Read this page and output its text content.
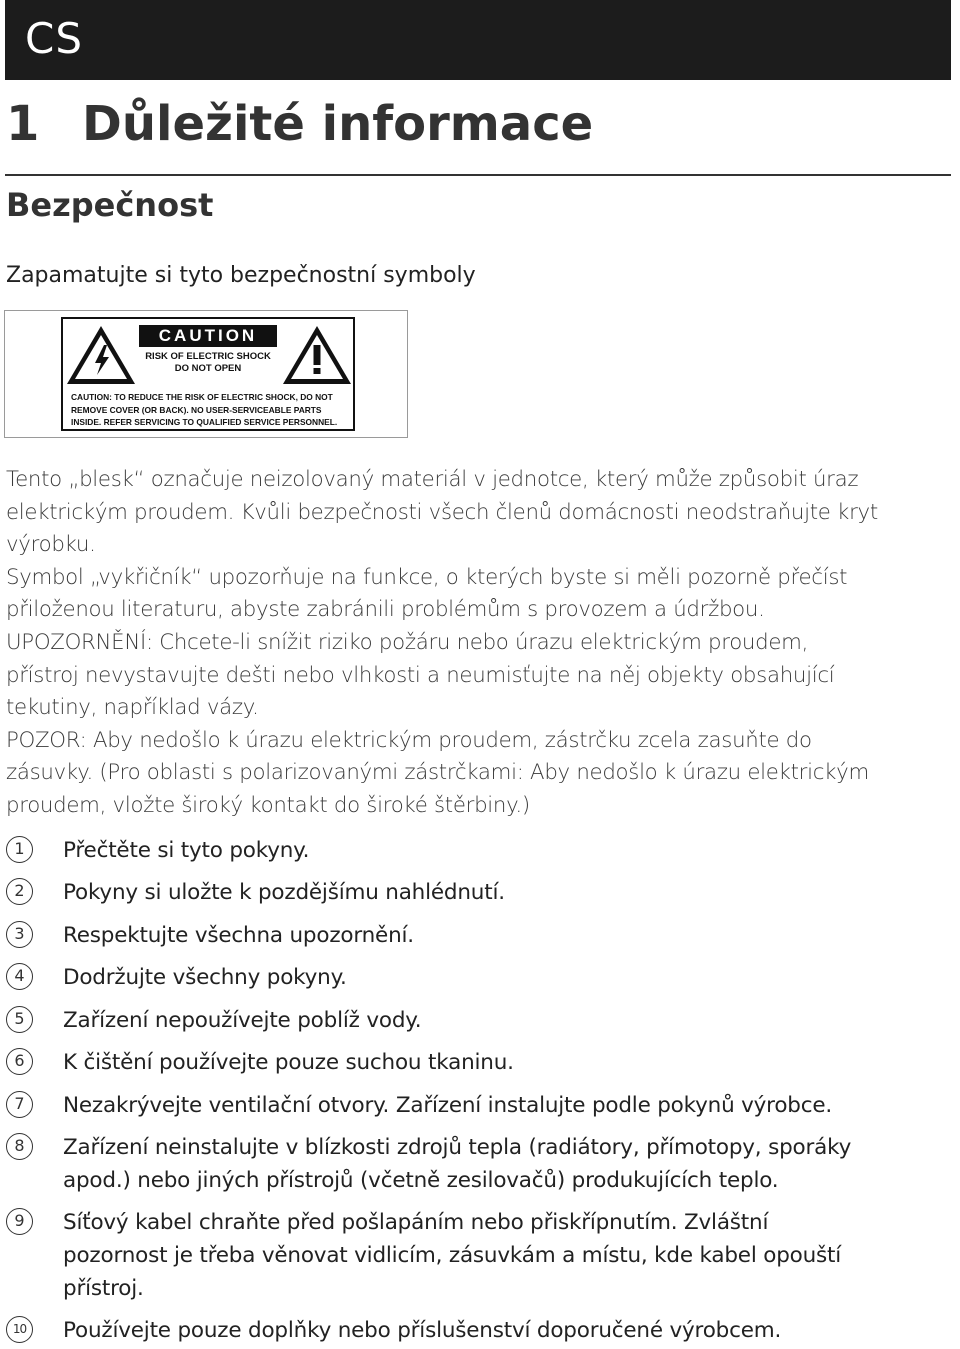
CS
1 Důležité informace
Bezpečnost
Zapamatujte si tyto bezpečnostní symboly
CAUTION
RISK OF ELECTRIC SHOCK
DO NOT OPEN
CAUTION: TO REDUCE THE RISK OF ELECTRIC SHOCK, DO NOT
REMOVE COVER (OR BACK). NO USER-SERVICEABLE PARTS
INSIDE. REFER SERVICING TO QUALIFIED SERVICE PERSONNEL.

Tento „blesk“ označuje neizolovaný materiál v jednotce, který může způsobit úraz

elektrickým proudem. Kvůli bezpečnosti všech členů domácnosti neodstraňujte kryt

výrobku.

Symbol „vykřičník“ upozorňuje na funkce, o kterých byste si měli pozorně přečíst

přiloženou literaturu, abyste zabránili problémům s provozem a údržbou.

UPOZORNĚNÍ: Chcete-li snížit riziko požáru nebo úrazu elektrickým proudem,

přístroj nevystavujte dešti nebo vlhkosti a neumisťujte na něj objekty obsahující

tekutiny, například vázy.

POZOR: Aby nedošlo k úrazu elektrickým proudem, zástrčku zcela zasuňte do

zásuvky. (Pro oblasti s polarizovanými zástrčkami: Aby nedošlo k úrazu elektrickým

proudem, vložte široký kontakt do široké štěrbiny.)

1	Přečtěte si tyto pokyny.

2	Pokyny si uložte k pozdějšímu nahlédnutí.

3	Respektujte všechna upozornění.

4	Dodržujte všechny pokyny.

5	Zařízení nepoužívejte poblíž vody.

6	K čištění používejte pouze suchou tkaninu.

7	Nezakrývejte ventilační otvory. Zařízení instalujte podle pokynů výrobce.

8	Zařízení neinstalujte v blízkosti zdrojů tepla (radiátory, přímotopy, sporáky

apod.) nebo jiných přístrojů (včetně zesilovačů) produkujících teplo.

9	Síťový kabel chraňte před pošlapáním nebo přiskřípnutím. Zvláštní

pozornost je třeba věnovat vidlicím, zásuvkám a místu, kde kabel opouští

přístroj.

10	Používejte pouze doplňky nebo příslušenství doporučené výrobcem.
